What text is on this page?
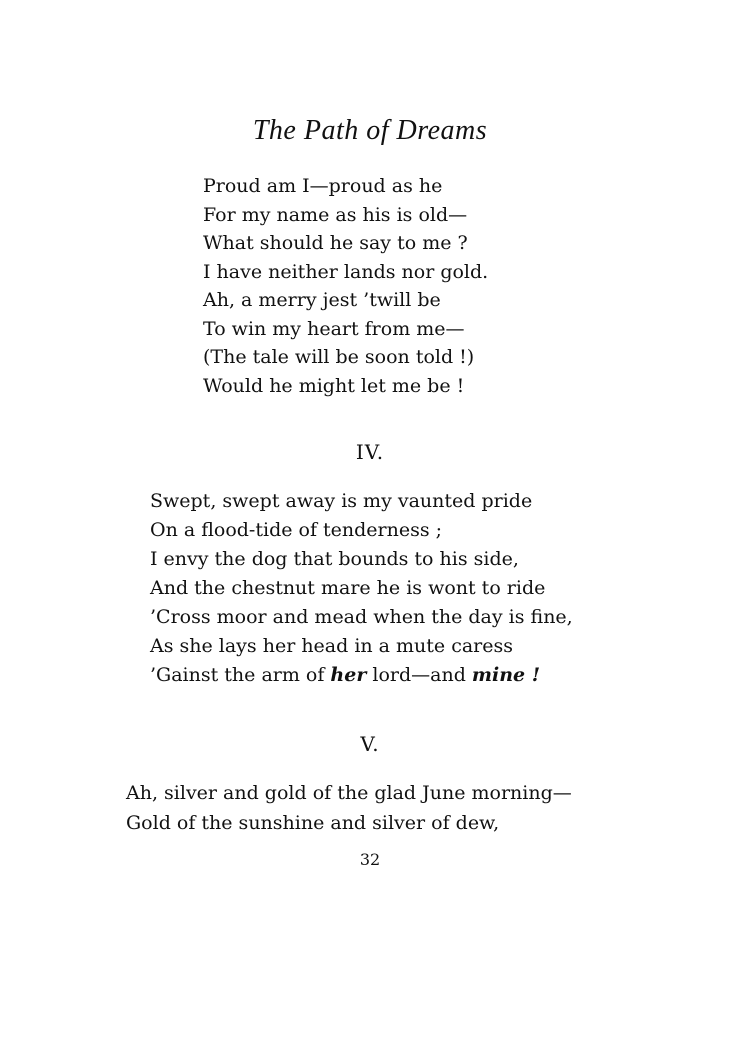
The Path of Dreams
Proud am I—proud as he
For my name as his is old—
What should he say to me ?
I have neither lands nor gold.
Ah, a merry jest ’twill be
To win my heart from me—
(The tale will be soon told !)
Would he might let me be !
IV.
Swept, swept away is my vaunted pride
On a flood-tide of tenderness ;
I envy the dog that bounds to his side,
And the chestnut mare he is wont to ride
’Cross moor and mead when the day is fine,
As she lays her head in a mute caress
’Gainst the arm of her lord—and mine !
V.
Ah, silver and gold of the glad June morning—
Gold of the sunshine and silver of dew,
32
